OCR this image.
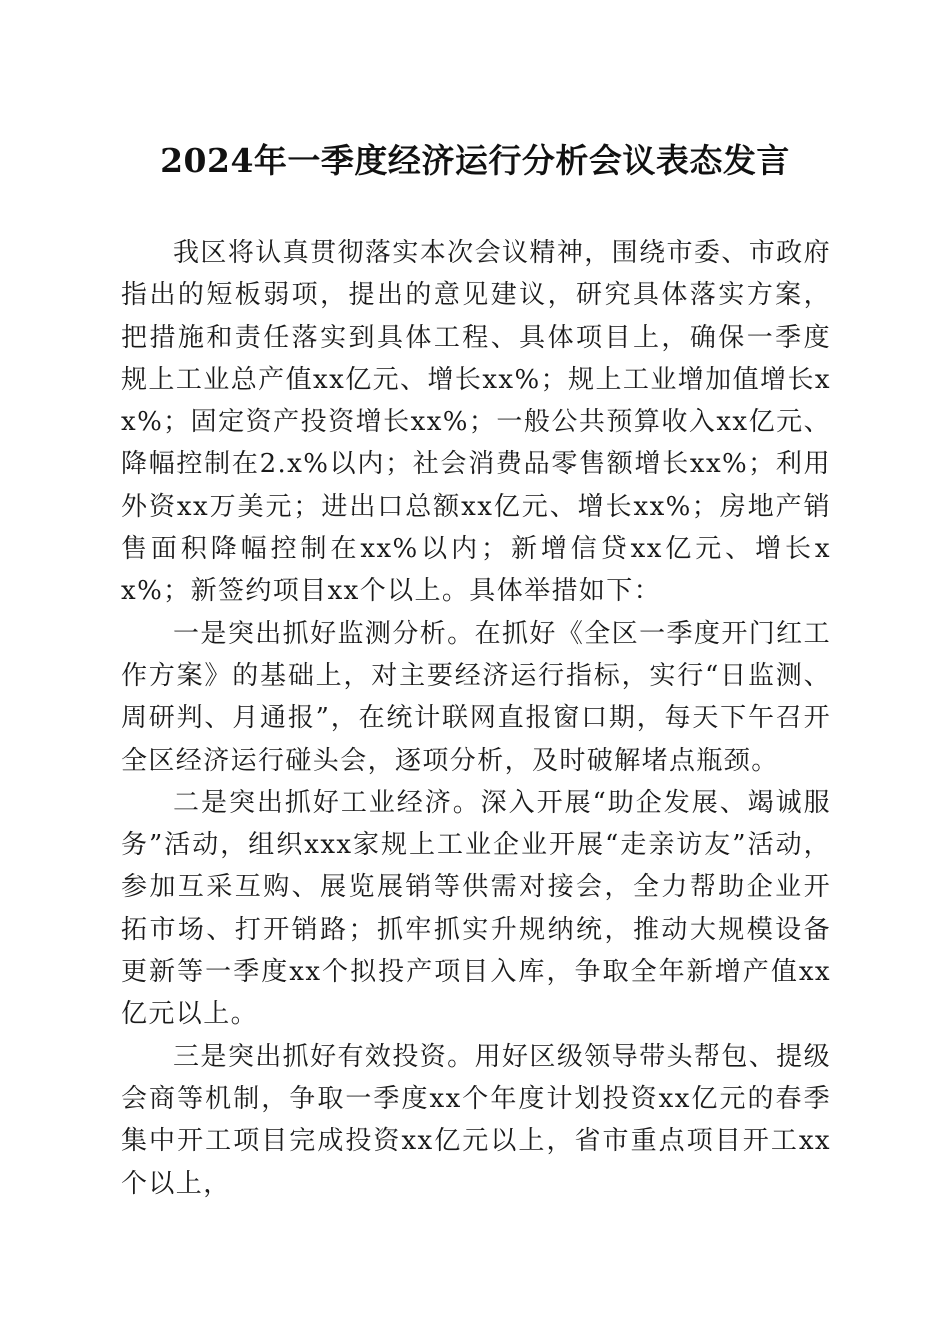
2024年一季度经济运行分析会议表态发言

我区将认真贯彻落实本次会议精神，围绕市委、市政府指出的短板弱项，提出的意见建议，研究具体落实方案，把措施和责任落实到具体工程、具体项目上，确保一季度规上工业总产值xx亿元、增长xx%；规上工业增加值增长xx%；固定资产投资增长xx%；一般公共预算收入xx亿元、降幅控制在2.x%以内；社会消费品零售额增长xx%；利用外资xx万美元；进出口总额xx亿元、增长xx%；房地产销售面积降幅控制在xx%以内；新增信贷xx亿元、增长xx%；新签约项目xx个以上。具体举措如下：

一是突出抓好监测分析。在抓好《全区一季度开门红工作方案》的基础上，对主要经济运行指标，实行“日监测、周研判、月通报”，在统计联网直报窗口期，每天下午召开全区经济运行碰头会，逐项分析，及时破解堵点瓶颈。

二是突出抓好工业经济。深入开展“助企发展、竭诚服务”活动，组织xxx家规上工业企业开展“走亲访友”活动，参加互采互购、展览展销等供需对接会，全力帮助企业开拓市场、打开销路；抓牢抓实升规纳统，推动大规模设备更新等一季度xx个拟投产项目入库，争取全年新增产值xx亿元以上。

三是突出抓好有效投资。用好区级领导带头帮包、提级会商等机制，争取一季度xx个年度计划投资xx亿元的春季集中开工项目完成投资xx亿元以上，省市重点项目开工xx个以上，
